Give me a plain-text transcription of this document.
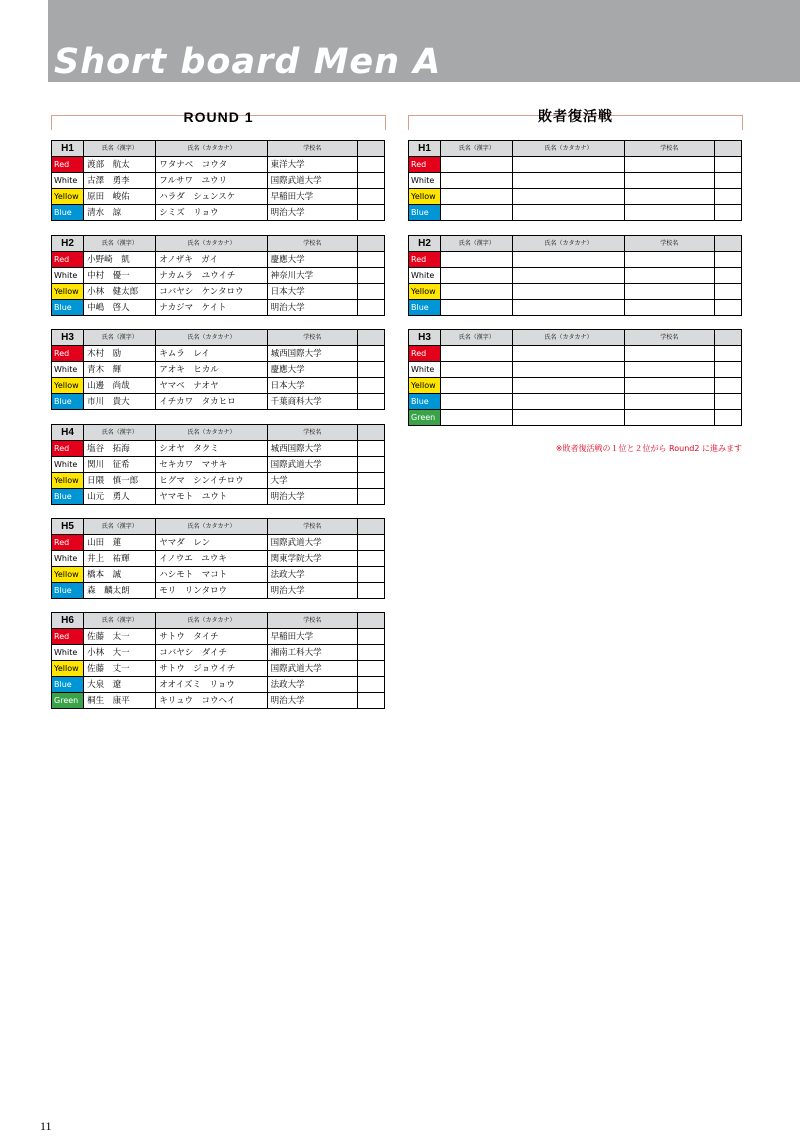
Short board Men A
ROUND 1	敗者復活戦
H1	氏名（漢字）	氏名（カタカナ）	学校名	
Red	渡部　航太	ワタナベ　コウタ	東洋大学	
White	古澤　勇李	フルサワ　ユウリ	国際武道大学	
Yellow	原田　峻佑	ハラダ　シュンスケ	早稲田大学	
Blue	清水　諒	シミズ　リョウ	明治大学	
H2	氏名（漢字）	氏名（カタカナ）	学校名	
Red	小野崎　凱	オノザキ　ガイ	慶應大学	
White	中村　優一	ナカムラ　ユウイチ	神奈川大学	
Yellow	小林　健太郎	コバヤシ　ケンタロウ	日本大学	
Blue	中嶋　啓人	ナカジマ　ケイト	明治大学	
H3	氏名（漢字）	氏名（カタカナ）	学校名	
Red	木村　励	キムラ　レイ	城西国際大学	
White	青木　輝	アオキ　ヒカル	慶應大学	
Yellow	山邊　尚哉	ヤマベ　ナオヤ	日本大学	
Blue	市川　貴大	イチカワ　タカヒロ	千葉商科大学	
H4	氏名（漢字）	氏名（カタカナ）	学校名	
Red	塩谷　拓海	シオヤ　タクミ	城西国際大学	
White	関川　征希	セキカワ　マサキ	国際武道大学	
Yellow	日隈　慎一郎	ヒグマ　シンイチロウ	大学	
Blue	山元　勇人	ヤマモト　ユウト	明治大学	
H5	氏名（漢字）	氏名（カタカナ）	学校名	
Red	山田　蓮	ヤマダ　レン	国際武道大学	
White	井上　祐輝	イノウエ　ユウキ	関東学院大学	
Yellow	橋本　誠	ハシモト　マコト	法政大学	
Blue	森　麟太朗	モリ　リンタロウ	明治大学	
H6	氏名（漢字）	氏名（カタカナ）	学校名	
Red	佐藤　太一	サトウ　タイチ	早稲田大学	
White	小林　大一	コバヤシ　ダイチ	湘南工科大学	
Yellow	佐藤　丈一	サトウ　ジョウイチ	国際武道大学	
Blue	大泉　遼	オオイズミ　リョウ	法政大学	
Green	桐生　康平	キリュウ　コウヘイ	明治大学	
H1	氏名（漢字）	氏名（カタカナ）	学校名	
Red				
White				
Yellow				
Blue				
H2	氏名（漢字）	氏名（カタカナ）	学校名	
Red				
White				
Yellow				
Blue				
H3	氏名（漢字）	氏名（カタカナ）	学校名	
Red				
White				
Yellow				
Blue				
Green				
※敗者復活戦の１位と２位がら Round2 に進みます
11
